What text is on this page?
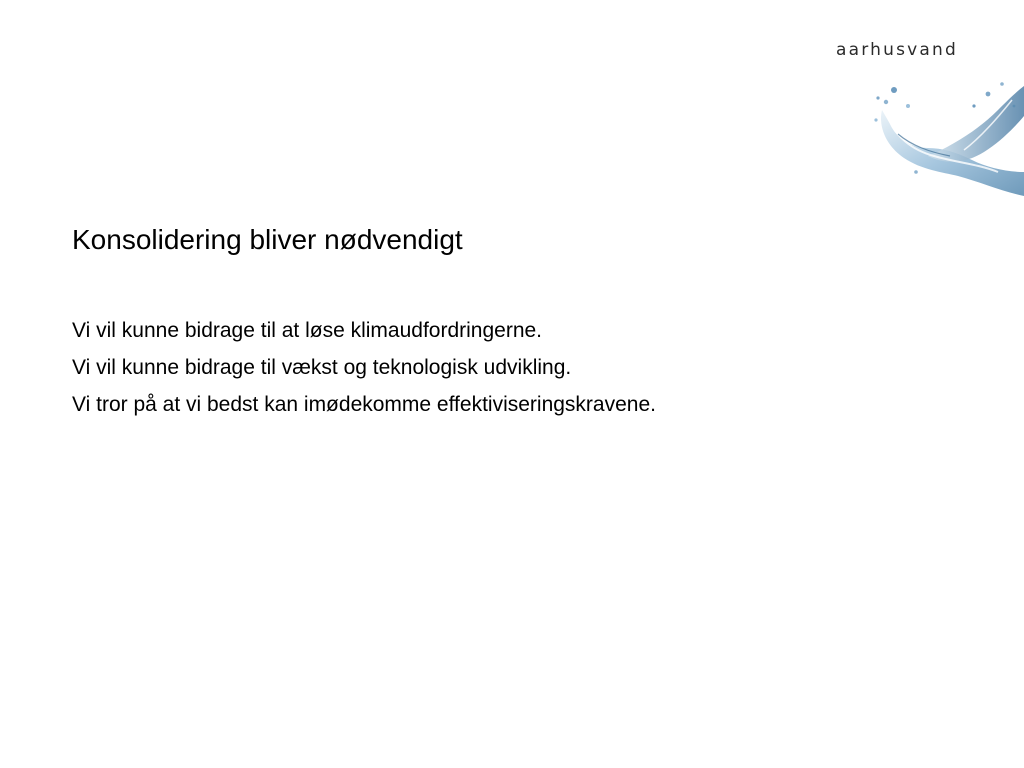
aarhusvand
Konsolidering bliver nødvendigt
Vi vil kunne bidrage til at løse klimaudfordringerne.
Vi vil kunne bidrage til vækst og teknologisk udvikling.
Vi tror på at vi bedst kan imødekomme effektiviseringskravene.
